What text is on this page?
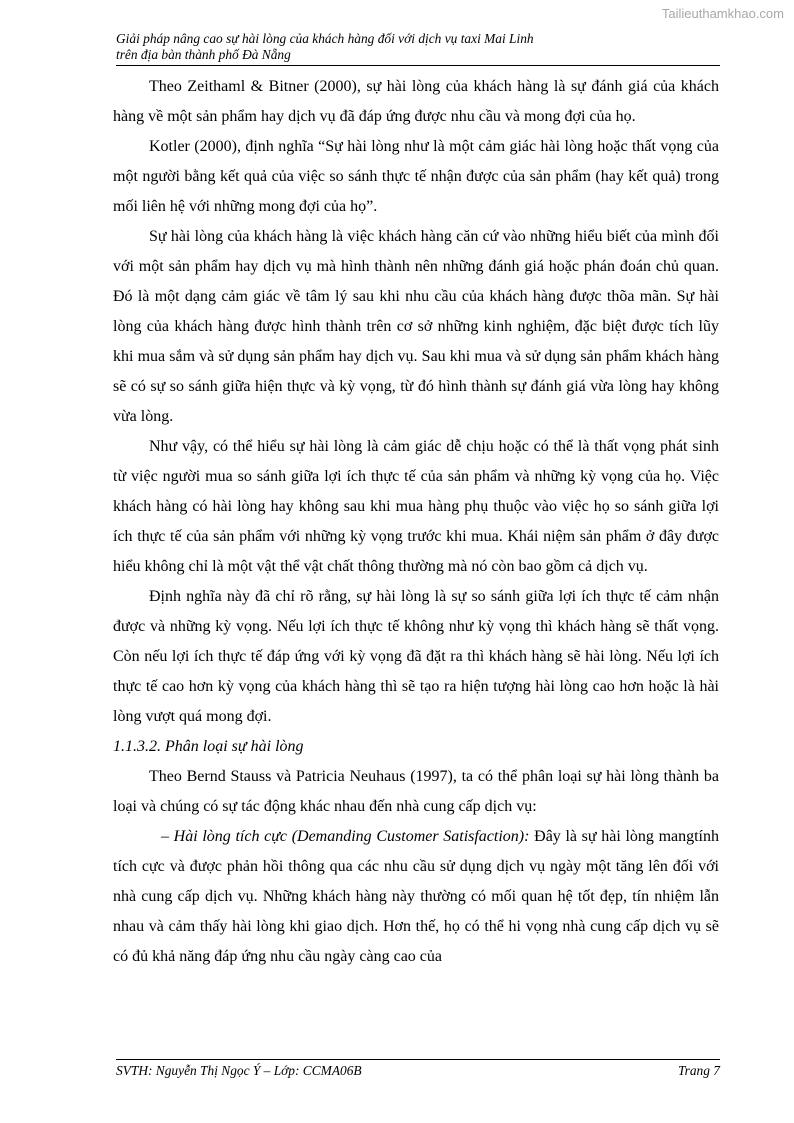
Tailieuthamkhao.com
Giải pháp nâng cao sự hài lòng của khách hàng đối với dịch vụ taxi Mai Linh
trên địa bàn thành phố Đà Nẵng

Theo Zeithaml & Bitner (2000), sự hài lòng của khách hàng là sự đánh giá của khách hàng về một sản phẩm hay dịch vụ đã đáp ứng được nhu cầu và mong đợi của họ.

Kotler (2000), định nghĩa “Sự hài lòng như là một cảm giác hài lòng hoặc thất vọng của một người bằng kết quả của việc so sánh thực tế nhận được của sản phẩm (hay kết quả) trong mối liên hệ với những mong đợi của họ”.

Sự hài lòng của khách hàng là việc khách hàng căn cứ vào những hiểu biết của mình đối với một sản phẩm hay dịch vụ mà hình thành nên những đánh giá hoặc phán đoán chủ quan. Đó là một dạng cảm giác về tâm lý sau khi nhu cầu của khách hàng được thõa mãn. Sự hài lòng của khách hàng được hình thành trên cơ sở những kinh nghiệm, đặc biệt được tích lũy khi mua sắm và sử dụng sản phẩm hay dịch vụ. Sau khi mua và sử dụng sản phẩm khách hàng sẽ có sự so sánh giữa hiện thực và kỳ vọng, từ đó hình thành sự đánh giá vừa lòng hay không vừa lòng.

Như vậy, có thể hiểu sự hài lòng là cảm giác dễ chịu hoặc có thể là thất vọng phát sinh từ việc người mua so sánh giữa lợi ích thực tế của sản phẩm và những kỳ vọng của họ. Việc khách hàng có hài lòng hay không sau khi mua hàng phụ thuộc vào việc họ so sánh giữa lợi ích thực tế của sản phẩm với những kỳ vọng trước khi mua. Khái niệm sản phẩm ở đây được hiểu không chỉ là một vật thể vật chất thông thường mà nó còn bao gồm cả dịch vụ.

Định nghĩa này đã chỉ rõ rằng, sự hài lòng là sự so sánh giữa lợi ích thực tế cảm nhận được và những kỳ vọng. Nếu lợi ích thực tế không như kỳ vọng thì khách hàng sẽ thất vọng. Còn nếu lợi ích thực tế đáp ứng với kỳ vọng đã đặt ra thì khách hàng sẽ hài lòng. Nếu lợi ích thực tế cao hơn kỳ vọng của khách hàng thì sẽ tạo ra hiện tượng hài lòng cao hơn hoặc là hài lòng vượt quá mong đợi.

1.1.3.2. Phân loại sự hài lòng

Theo Bernd Stauss và Patricia Neuhaus (1997), ta có thể phân loại sự hài lòng thành ba loại và chúng có sự tác động khác nhau đến nhà cung cấp dịch vụ:

– Hài lòng tích cực (Demanding Customer Satisfaction): Đây là sự hài lòng mangtính tích cực và được phản hồi thông qua các nhu cầu sử dụng dịch vụ ngày một tăng lên đối với nhà cung cấp dịch vụ. Những khách hàng này thường có mối quan hệ tốt đẹp, tín nhiệm lẫn nhau và cảm thấy hài lòng khi giao dịch. Hơn thế, họ có thể hi vọng nhà cung cấp dịch vụ sẽ có đủ khả năng đáp ứng nhu cầu ngày càng cao của

SVTH: Nguyễn Thị Ngọc Ý – Lớp: CCMA06B	Trang 7
